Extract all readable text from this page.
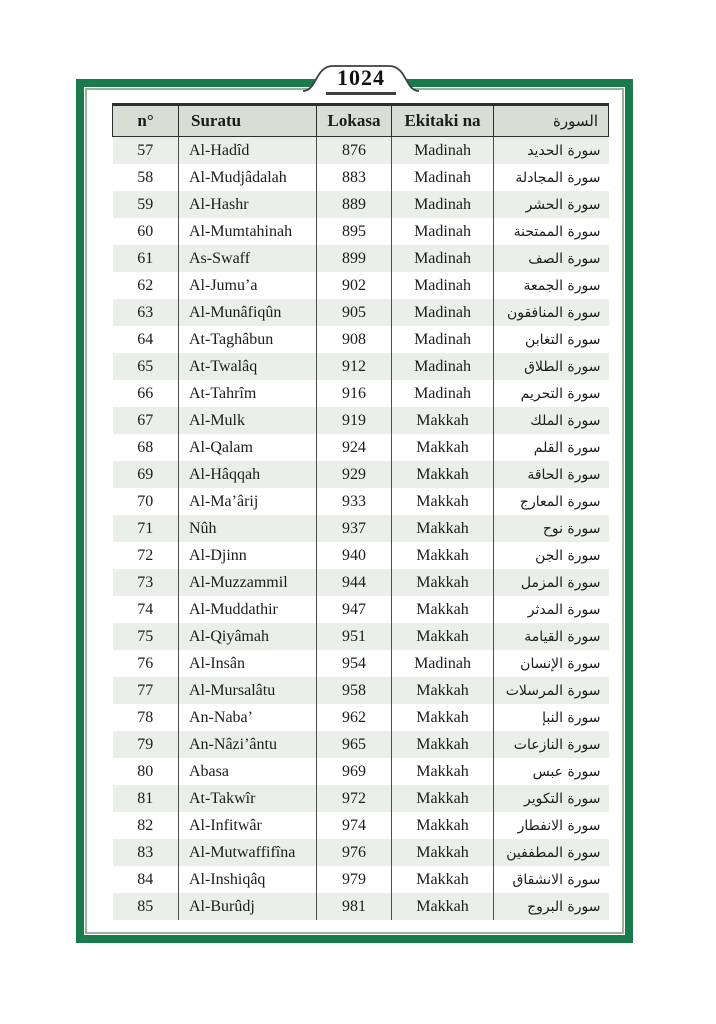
n°	Suratu	Lokasa	Ekitaki na	السورة
57	Al-Hadîd	876	Madinah	سورة الحديد
58	Al-Mudjâdalah	883	Madinah	سورة المجادلة
59	Al-Hashr	889	Madinah	سورة الحشر
60	Al-Mumtahinah	895	Madinah	سورة الممتحنة
61	As-Swaff	899	Madinah	سورة الصف
62	Al-Jumu’a	902	Madinah	سورة الجمعة
63	Al-Munâfiqûn	905	Madinah	سورة المنافقون
64	At-Taghâbun	908	Madinah	سورة التغابن
65	At-Twalâq	912	Madinah	سورة الطلاق
66	At-Tahrîm	916	Madinah	سورة التحريم
67	Al-Mulk	919	Makkah	سورة الملك
68	Al-Qalam	924	Makkah	سورة القلم
69	Al-Hâqqah	929	Makkah	سورة الحاقة
70	Al-Ma’ârij	933	Makkah	سورة المعارج
71	Nûh	937	Makkah	سورة نوح
72	Al-Djinn	940	Makkah	سورة الجن
73	Al-Muzzammil	944	Makkah	سورة المزمل
74	Al-Muddathir	947	Makkah	سورة المدثر
75	Al-Qiyâmah	951	Makkah	سورة القيامة
76	Al-Insân	954	Madinah	سورة الإنسان
77	Al-Mursalâtu	958	Makkah	سورة المرسلات
78	An-Naba’	962	Makkah	سورة النبإ
79	An-Nâzi’ântu	965	Makkah	سورة النازعات
80	Abasa	969	Makkah	سورة عبس
81	At-Takwîr	972	Makkah	سورة التكوير
82	Al-Infitwâr	974	Makkah	سورة الانفطار
83	Al-Mutwaffifîna	976	Makkah	سورة المطففين
84	Al-Inshiqâq	979	Makkah	سورة الانشقاق
85	Al-Burûdj	981	Makkah	سورة البروج
1024
